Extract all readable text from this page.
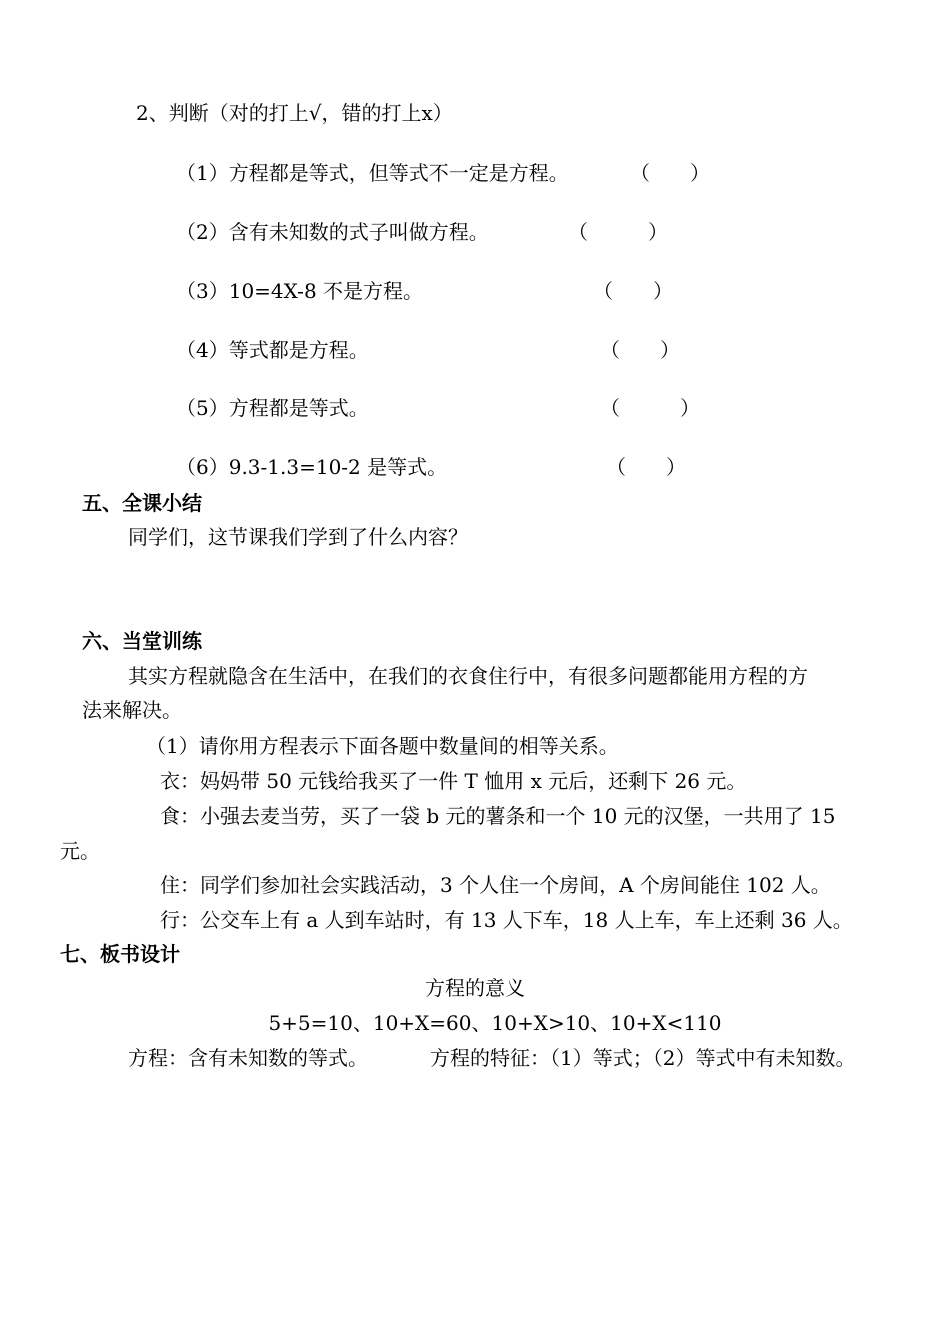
2、判断（对的打上√，错的打上x）
（1）方程都是等式，但等式不一定是方程。	（　　）
（2）含有未知数的式子叫做方程。	（　　　）
（3）10=4X-8 不是方程。	（　　）
（4）等式都是方程。	（　　）
（5）方程都是等式。	（　　　）
（6）9.3-1.3=10-2 是等式。	（　　）
五、全课小结
同学们，这节课我们学到了什么内容？
六、当堂训练
其实方程就隐含在生活中，在我们的衣食住行中，有很多问题都能用方程的方
法来解决。
（1）请你用方程表示下面各题中数量间的相等关系。
衣：妈妈带 50 元钱给我买了一件 T 恤用 x 元后，还剩下 26 元。
食：小强去麦当劳，买了一袋 b 元的薯条和一个 10 元的汉堡，一共用了 15
元。
住：同学们参加社会实践活动，3 个人住一个房间，A 个房间能住 102 人。
行：公交车上有 a 人到车站时，有 13 人下车，18 人上车，车上还剩 36 人。
七、板书设计
方程的意义
5+5=10、10+X=60、10+X>10、10+X<110
方程：含有未知数的等式。	方程的特征：（1）等式；（2）等式中有未知数。
